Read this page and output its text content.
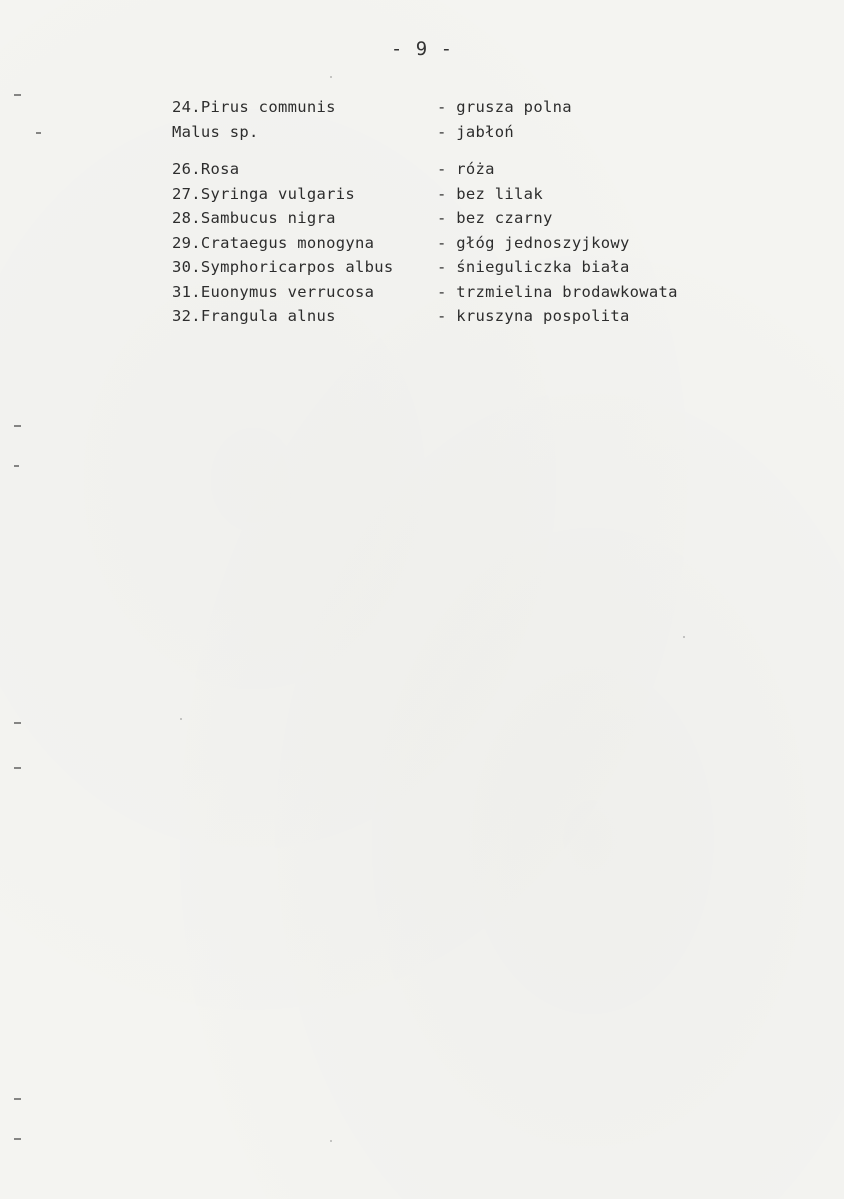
- 9 -
24.Pirus communis	- grusza polna
Malus sp.	- jabłoń
26.Rosa	- róża
27.Syringa vulgaris	- bez lilak
28.Sambucus nigra	- bez czarny
29.Crataegus monogyna	- głóg jednoszyjkowy
30.Symphoricarpos albus	- śnieguliczka biała
31.Euonymus verrucosa	- trzmielina brodawkowata
32.Frangula alnus	- kruszyna pospolita
